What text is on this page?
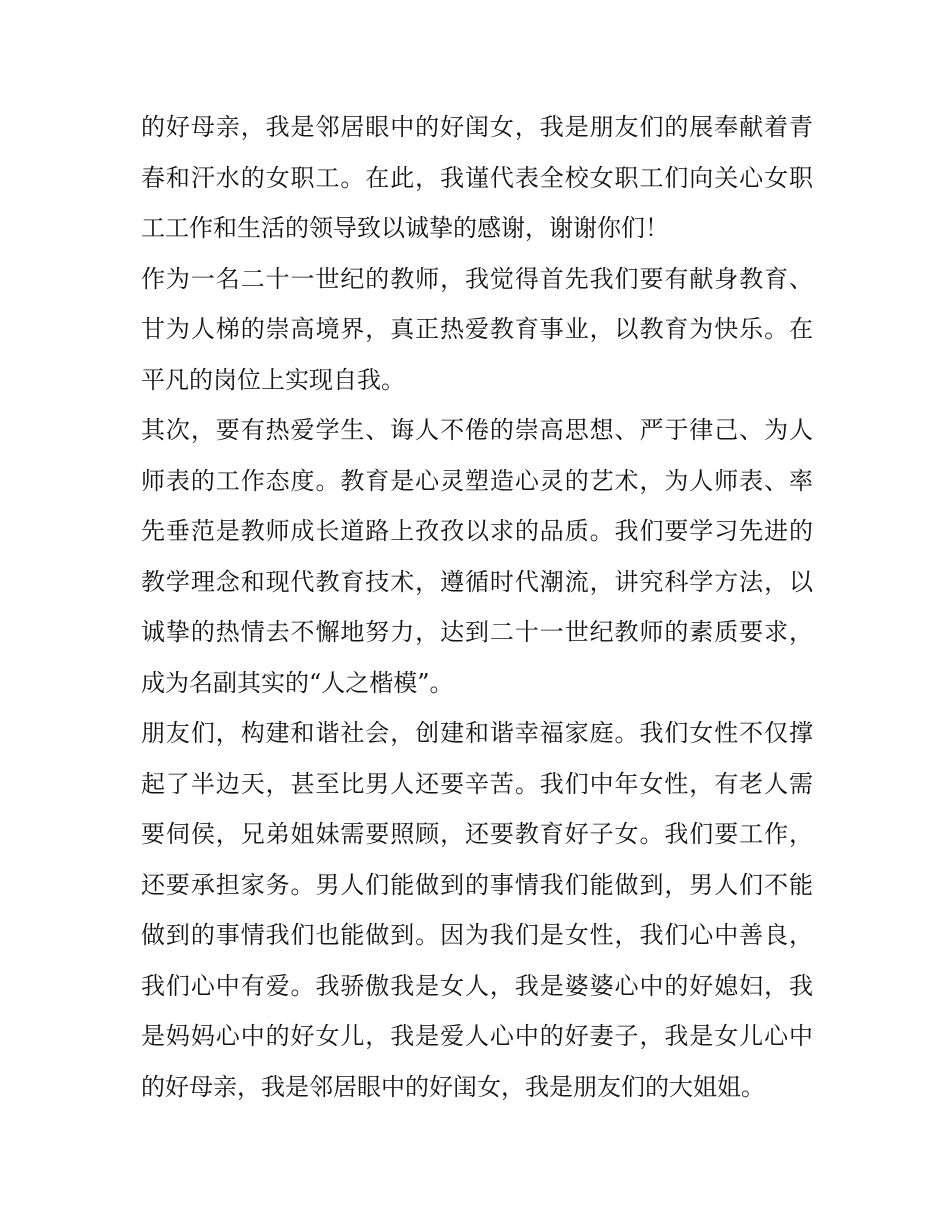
的好母亲，我是邻居眼中的好闺女，我是朋友们的展奉献着青
春和汗水的女职工。在此，我谨代表全校女职工们向关心女职
工工作和生活的领导致以诚挚的感谢，谢谢你们！
作为一名二十一世纪的教师，我觉得首先我们要有献身教育、
甘为人梯的崇高境界，真正热爱教育事业，以教育为快乐。在
平凡的岗位上实现自我。
其次，要有热爱学生、诲人不倦的崇高思想、严于律己、为人
师表的工作态度。教育是心灵塑造心灵的艺术，为人师表、率
先垂范是教师成长道路上孜孜以求的品质。我们要学习先进的
教学理念和现代教育技术，遵循时代潮流，讲究科学方法，以
诚挚的热情去不懈地努力，达到二十一世纪教师的素质要求，
成为名副其实的“人之楷模”。
朋友们，构建和谐社会，创建和谐幸福家庭。我们女性不仅撑
起了半边天，甚至比男人还要辛苦。我们中年女性，有老人需
要伺侯，兄弟姐妹需要照顾，还要教育好子女。我们要工作，
还要承担家务。男人们能做到的事情我们能做到，男人们不能
做到的事情我们也能做到。因为我们是女性，我们心中善良，
我们心中有爱。我骄傲我是女人，我是婆婆心中的好媳妇，我
是妈妈心中的好女儿，我是爱人心中的好妻子，我是女儿心中
的好母亲，我是邻居眼中的好闺女，我是朋友们的大姐姐。
